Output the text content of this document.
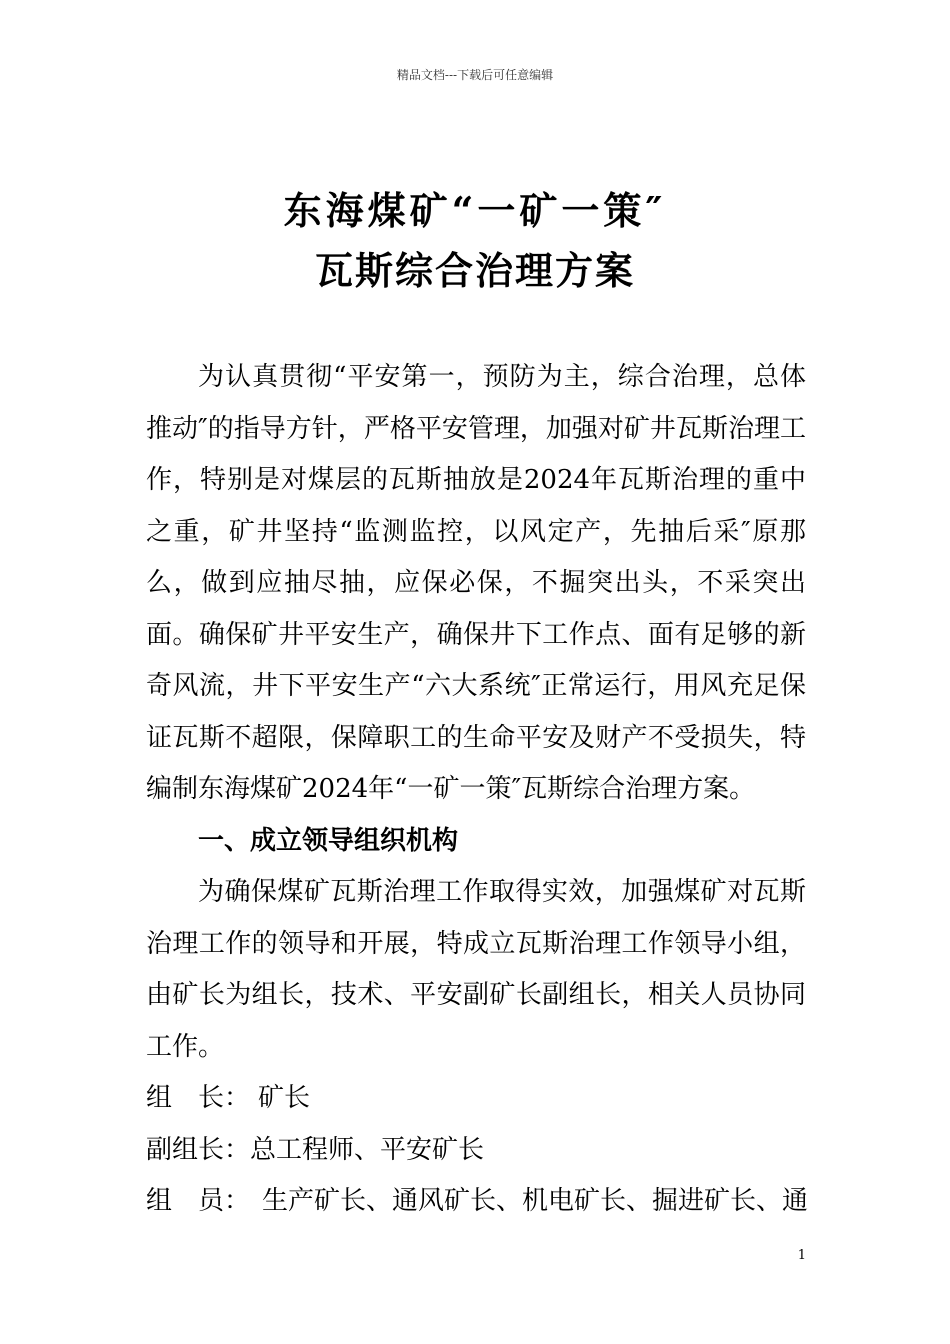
精品文档---下载后可任意编辑
东海煤矿“一矿一策″
瓦斯综合治理方案

为认真贯彻“平安第一，预防为主，综合治理，总体推动″的指导方针，严格平安管理，加强对矿井瓦斯治理工作，特别是对煤层的瓦斯抽放是2024年瓦斯治理的重中之重，矿井坚持“监测监控，以风定产，先抽后采″原那么，做到应抽尽抽，应保必保，不掘突出头，不采突出面。确保矿井平安生产，确保井下工作点、面有足够的新奇风流，井下平安生产“六大系统″正常运行，用风充足保证瓦斯不超限，保障职工的生命平安及财产不受损失，特编制东海煤矿2024年“一矿一策″瓦斯综合治理方案。

一、成立领导组织机构

为确保煤矿瓦斯治理工作取得实效，加强煤矿对瓦斯治理工作的领导和开展，特成立瓦斯治理工作领导小组，由矿长为组长，技术、平安副矿长副组长，相关人员协同工作。

组　长： 矿长

副组长：总工程师、平安矿长

组　员： 生产矿长、通风矿长、机电矿长、掘进矿长、通

1
